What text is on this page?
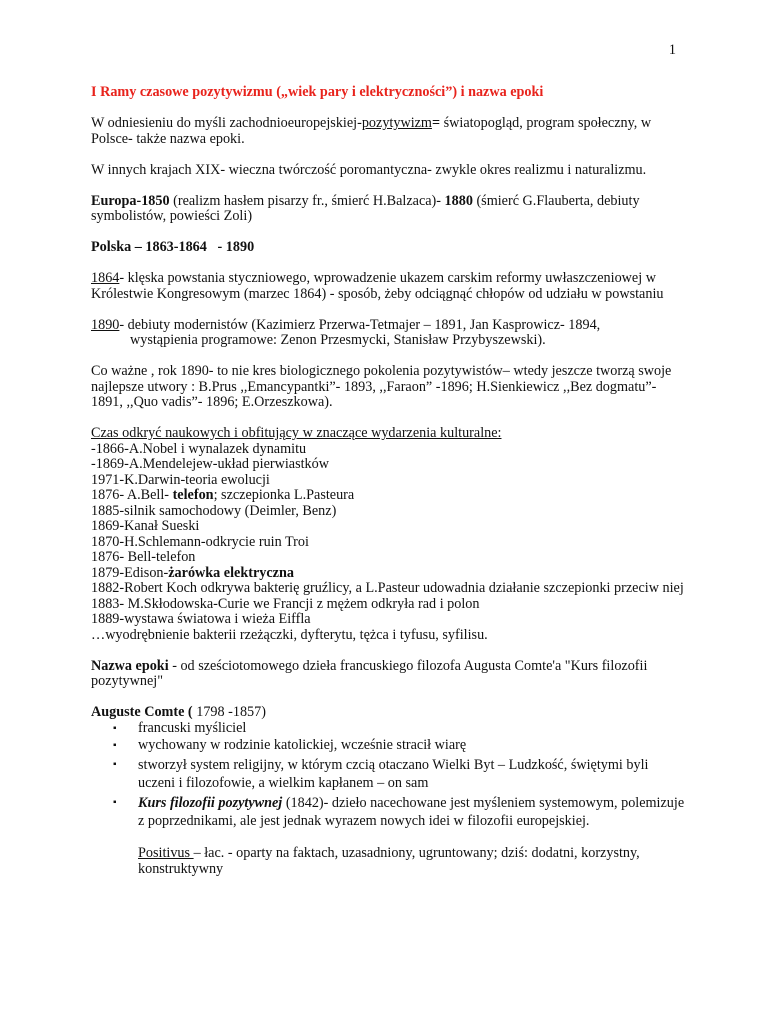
1

I Ramy czasowe pozytywizmu („wiek pary i elektryczności”) i nazwa epoki

W odniesieniu do myśli zachodnioeuropejskiej-pozytywizm= światopogląd, program społeczny, w Polsce- także nazwa epoki.

W innych krajach XIX- wieczna twórczość poromantyczna- zwykle okres realizmu i naturalizmu.

Europa-1850 (realizm hasłem pisarzy fr., śmierć H.Balzaca)- 1880 (śmierć G.Flauberta, debiuty symbolistów, powieści Zoli)

Polska – 1863-1864   - 1890

1864- klęska powstania styczniowego, wprowadzenie ukazem carskim reformy uwłaszczeniowej w Królestwie Kongresowym (marzec 1864) - sposób, żeby odciągnąć chłopów od udziału w powstaniu

1890- debiuty modernistów (Kazimierz Przerwa-Tetmajer – 1891, Jan Kasprowicz- 1894,

wystąpienia programowe: Zenon Przesmycki, Stanisław Przybyszewski).

Co ważne , rok 1890- to nie kres biologicznego pokolenia pozytywistów– wtedy jeszcze tworzą swoje najlepsze utwory : B.Prus ,,Emancypantki”- 1893, ,,Faraon” -1896; H.Sienkiewicz ,,Bez dogmatu”- 1891, ,,Quo vadis”- 1896; E.Orzeszkowa).

Czas odkryć naukowych i obfitujący w znaczące wydarzenia kulturalne:

-1866-A.Nobel i wynalazek dynamitu

-1869-A.Mendelejew-układ pierwiastków

1971-K.Darwin-teoria ewolucji

1876- A.Bell- telefon; szczepionka L.Pasteura

1885-silnik samochodowy (Deimler, Benz)

1869-Kanał Sueski

1870-H.Schlemann-odkrycie ruin Troi

1876- Bell-telefon

1879-Edison-żarówka elektryczna

1882-Robert Koch odkrywa bakterię gruźlicy, a L.Pasteur udowadnia działanie szczepionki przeciw niej

1883- M.Skłodowska-Curie we Francji z mężem odkryła rad i polon

1889-wystawa światowa i wieża Eiffla

…wyodrębnienie bakterii rzeżączki, dyfterytu, tężca i tyfusu, syfilisu.

Nazwa epoki - od sześciotomowego dzieła francuskiego filozofa Augusta Comte'a "Kurs filozofii pozytywnej"

Auguste Comte ( 1798 -1857)

▪ francuski myśliciel
▪ wychowany w rodzinie katolickiej, wcześnie stracił wiarę
▪ stworzył system religijny, w którym czcią otaczano Wielki Byt – Ludzkość, świętymi byli uczeni i filozofowie, a wielkim kapłanem – on sam
▪ Kurs filozofii pozytywnej (1842)- dzieło nacechowane jest myśleniem systemowym, polemizuje z poprzednikami, ale jest jednak wyrazem nowych idei w filozofii europejskiej.

Positivus – łac. - oparty na faktach, uzasadniony, ugruntowany; dziś: dodatni, korzystny, konstruktywny
